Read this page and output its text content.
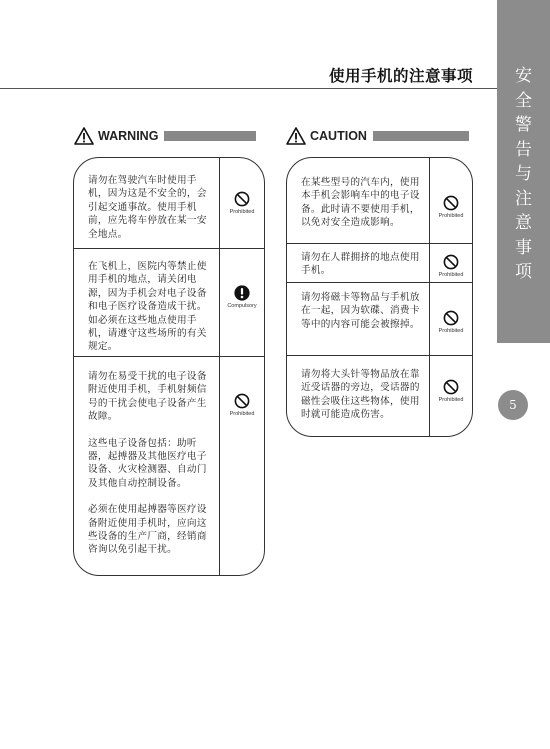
安
全
警
告
与
注
意
事
项
5
使用手机的注意事项
WARNING	CAUTION

请勿在驾驶汽车时使用手机，因为这是不安全的，会引起交通事故。使用手机前，应先将车停放在某一安全地点。

Prohibited

在飞机上，医院内等禁止使用手机的地点，请关闭电源，因为手机会对电子设备和电子医疗设备造成干扰。如必须在这些地点使用手机，请遵守这些场所的有关规定。

Compulsory

请勿在易受干扰的电子设备附近使用手机，手机射频信号的干扰会使电子设备产生故障。

这些电子设备包括：助听器，起搏器及其他医疗电子设备、火灾检测器、自动门及其他自动控制设备。

必须在使用起搏器等医疗设备附近使用手机时，应向这些设备的生产厂商，经销商咨询以免引起干扰。

Prohibited

在某些型号的汽车内，使用本手机会影响车中的电子设备。此时请不要使用手机，以免对安全造成影响。

Prohibited

请勿在人群拥挤的地点使用手机。	Prohibited

请勿将磁卡等物品与手机放在一起，因为软碟、消费卡等中的内容可能会被擦掉。

Prohibited

请勿将大头针等物品放在靠近受话器的旁边，受话器的磁性会吸住这些物体，使用时就可能造成伤害。

Prohibited
